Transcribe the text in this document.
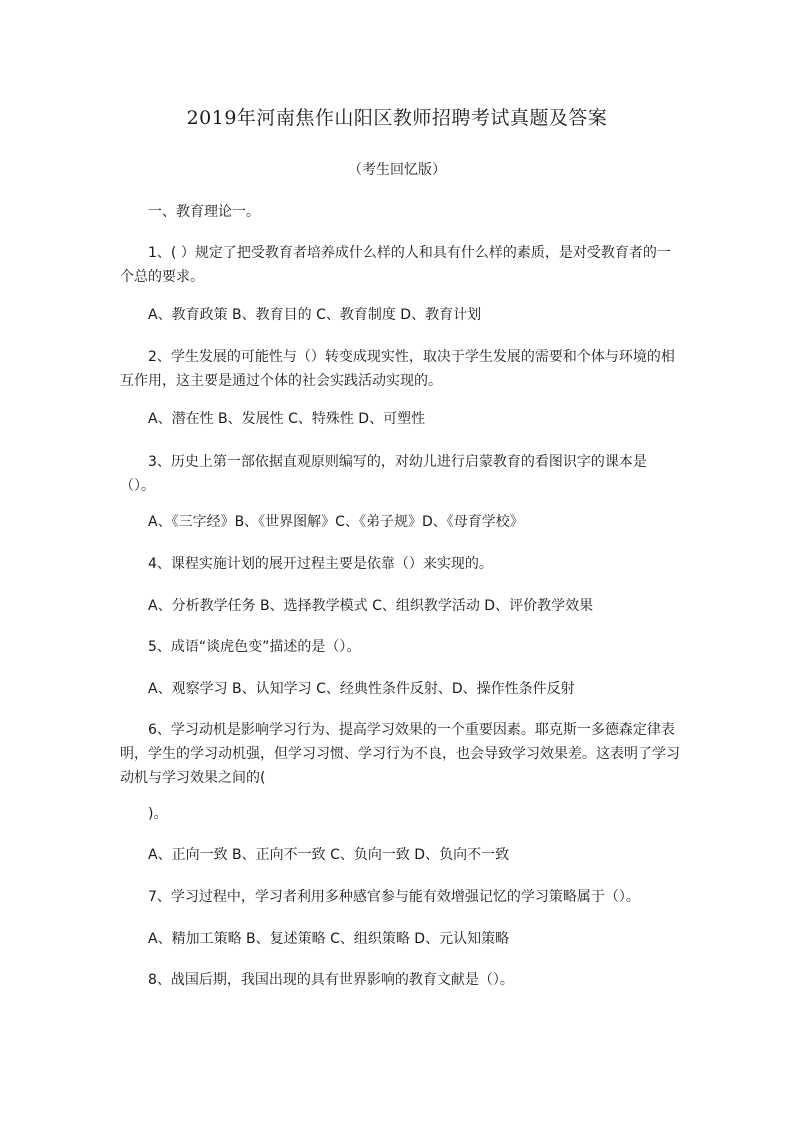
2019年河南焦作山阳区教师招聘考试真题及答案
（考生回忆版）

一、教育理论一。

1、( ）规定了把受教育者培养成什么样的人和具有什么样的素质，是对受教育者的一个总的要求。

A、教育政策 B、教育目的 C、教育制度 D、教育计划

2、学生发展的可能性与（）转变成现实性，取决于学生发展的需要和个体与环境的相互作用，这主要是通过个体的社会实践活动实现的。

A、潜在性 B、发展性 C、特殊性 D、可塑性

3、历史上第一部依据直观原则编写的，对幼儿进行启蒙教育的看图识字的课本是（）。

A、《三字经》B、《世界图解》C、《弟子规》D、《母育学校》

4、课程实施计划的展开过程主要是依靠（）来实现的。

A、分析教学任务 B、选择教学模式 C、组织教学活动 D、评价教学效果

5、成语“谈虎色变”描述的是（）。

A、观察学习 B、认知学习 C、经典性条件反射、D、操作性条件反射

6、学习动机是影响学习行为、提高学习效果的一个重要因素。耶克斯一多德森定律表明，学生的学习动机强，但学习习惯、学习行为不良，也会导致学习效果差。这表明了学习动机与学习效果之间的(

)。

A、正向一致 B、正向不一致 C、负向一致 D、负向不一致

7、学习过程中，学习者利用多种感官参与能有效增强记忆的学习策略属于（）。

A、精加工策略 B、复述策略 C、组织策略 D、元认知策略

8、战国后期，我国出现的具有世界影响的教育文献是（）。
